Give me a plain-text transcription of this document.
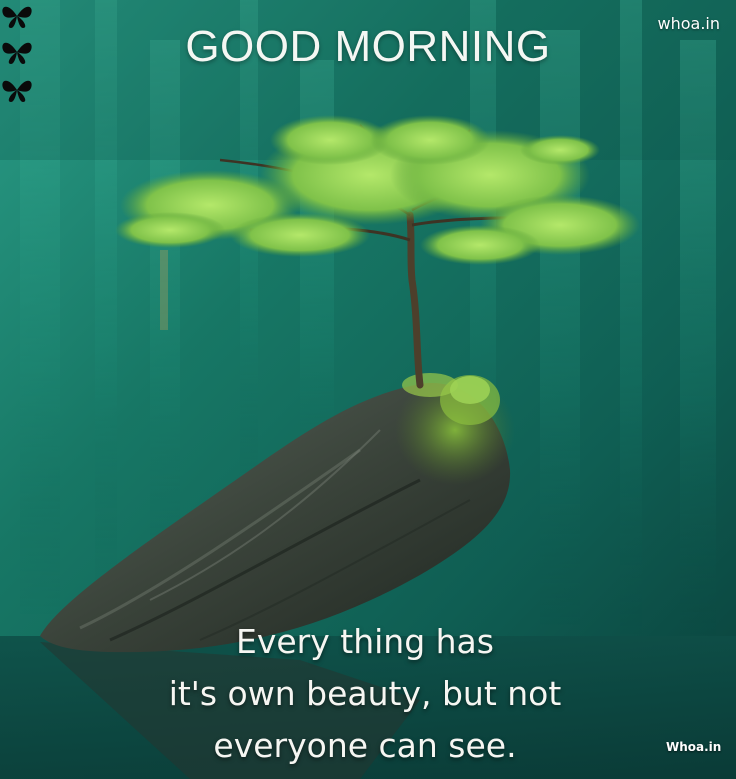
GOOD MORNING	whoa.in
Every thing has
it's own beauty, but not
everyone can see.	Whoa.in
